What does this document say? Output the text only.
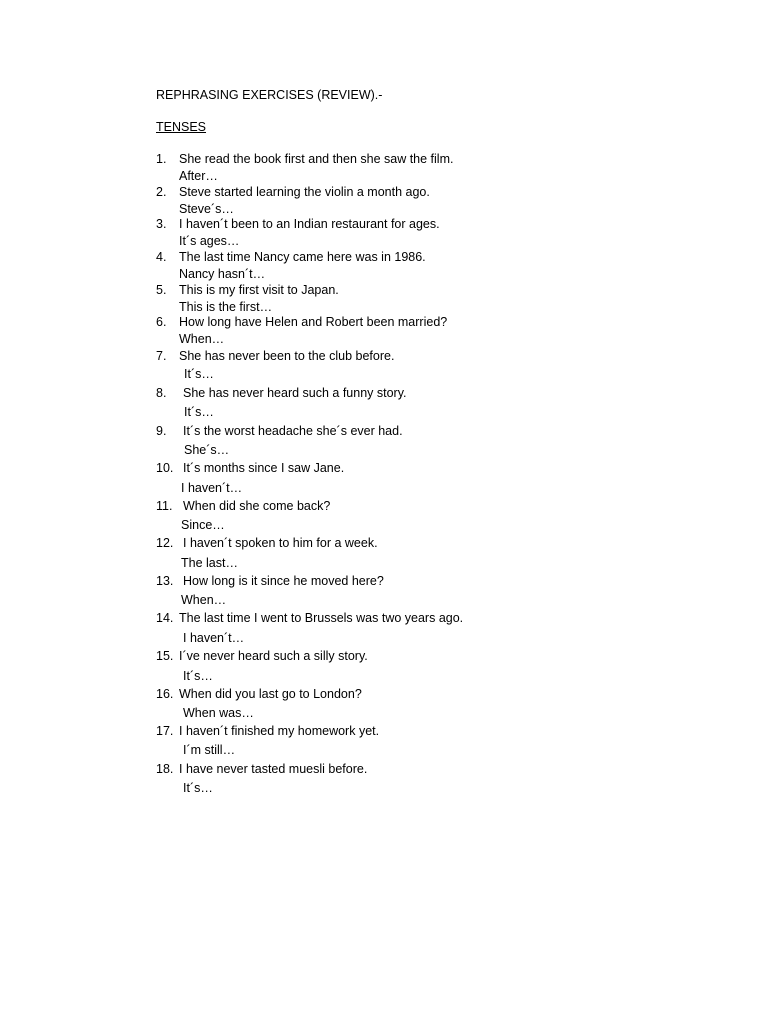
REPHRASING EXERCISES (REVIEW).-
TENSES
1. She read the book first and then she saw the film.
After…
2. Steve started learning the violin a month ago.
Steve´s…
3. I haven´t been to an Indian restaurant for ages.
It´s ages…
4. The last time Nancy came here was in 1986.
Nancy hasn´t…
5. This is my first visit to Japan.
This is the first…
6. How long have Helen and Robert been married?
When…
7. She has never been to the club before.
It´s…
8. She has never heard such a funny story.
It´s…
9. It´s the worst headache she´s ever had.
She´s…
10. It´s months since I saw Jane.
I haven´t…
11. When did she come back?
Since…
12. I haven´t spoken to him for a week.
The last…
13. How long is it since he moved here?
When…
14. The last time I went to Brussels was two years ago.
I haven´t…
15. I´ve never heard such a silly story.
It´s…
16. When did you last go to London?
When was…
17. I haven´t finished my homework yet.
I´m still…
18. I have never tasted muesli before.
It´s…
